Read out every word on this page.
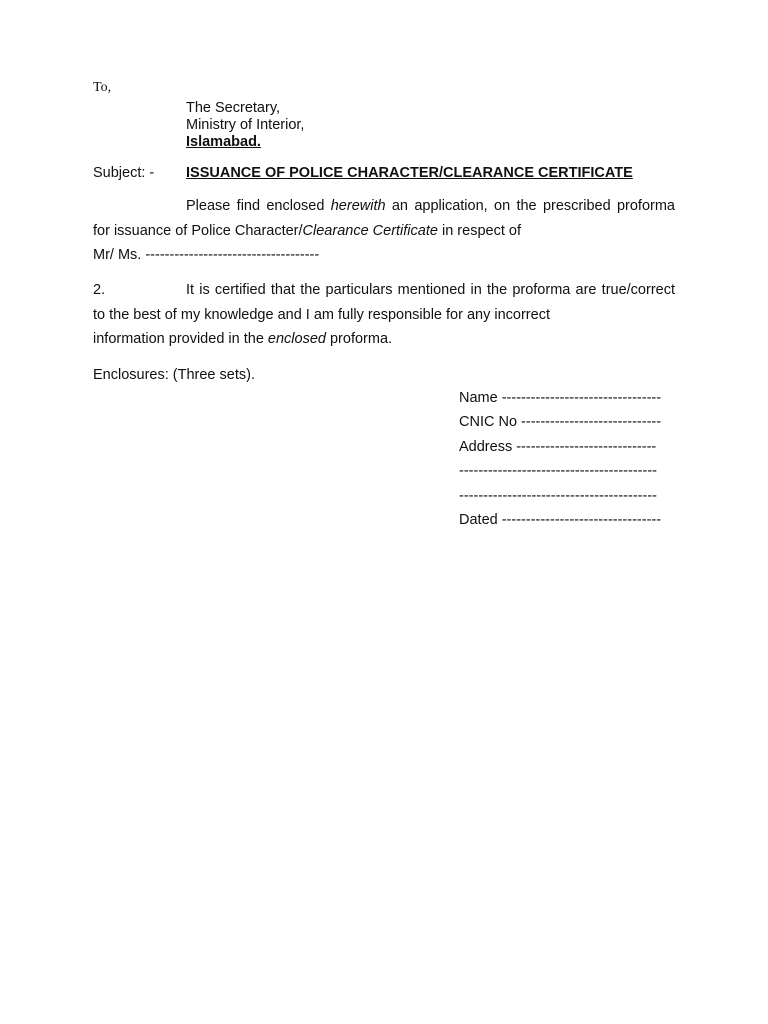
To,
The Secretary,
Ministry of Interior,
Islamabad.
Subject: - ISSUANCE OF POLICE CHARACTER/CLEARANCE CERTIFICATE
Please find enclosed herewith an application, on the prescribed proforma for issuance of Police Character/Clearance Certificate in respect of
Mr/ Ms. ------------------------------------
2.	It is certified that the particulars mentioned in the proforma are true/correct to the best of my knowledge and I am fully responsible for any incorrect
information provided in the enclosed proforma.
Enclosures: (Three sets).
Name ---------------------------------
CNIC No -----------------------------
Address -----------------------------
-----------------------------------------
-----------------------------------------
Dated ---------------------------------
